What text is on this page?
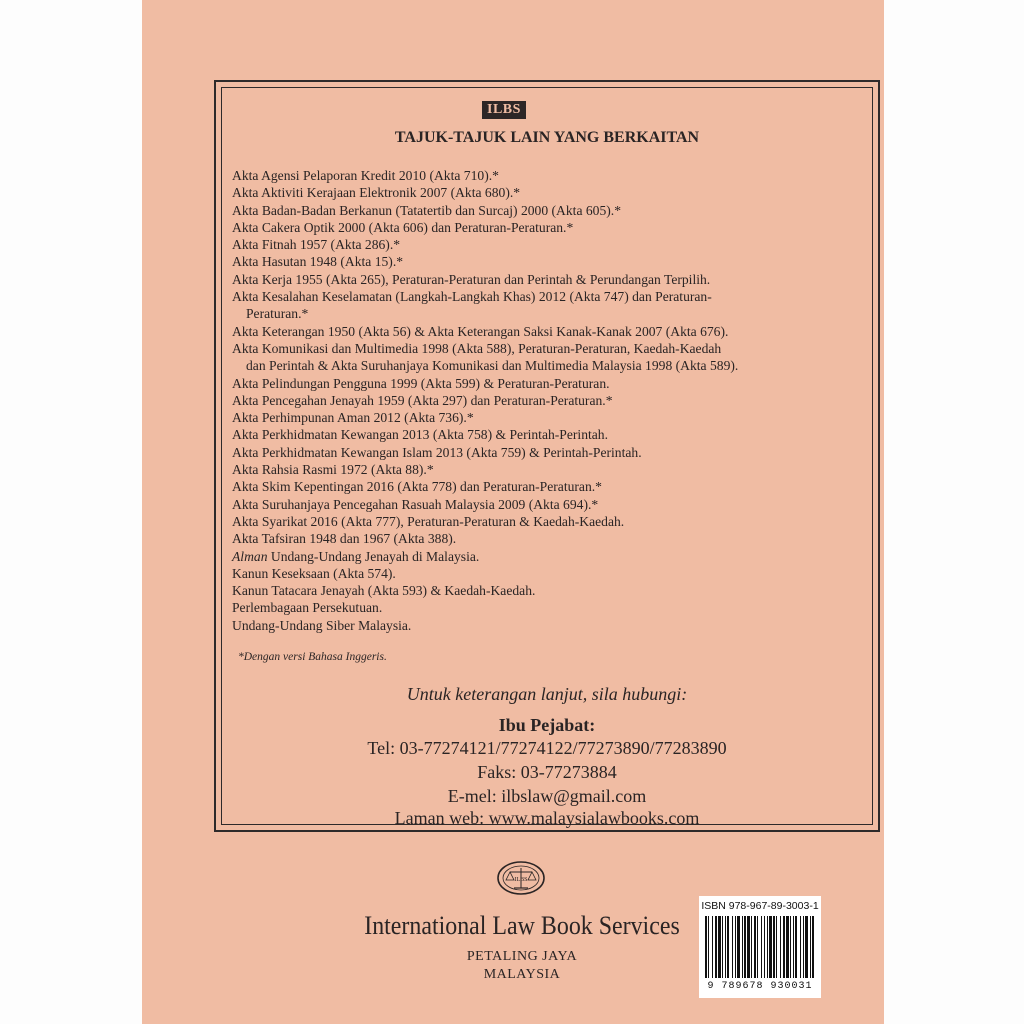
ILBS
TAJUK-TAJUK LAIN YANG BERKAITAN
Akta Agensi Pelaporan Kredit 2010 (Akta 710).*
Akta Aktiviti Kerajaan Elektronik 2007 (Akta 680).*
Akta Badan-Badan Berkanun (Tatatertib dan Surcaj) 2000 (Akta 605).*
Akta Cakera Optik 2000 (Akta 606) dan Peraturan-Peraturan.*
Akta Fitnah 1957 (Akta 286).*
Akta Hasutan 1948 (Akta 15).*
Akta Kerja 1955 (Akta 265), Peraturan-Peraturan dan Perintah & Perundangan Terpilih.
Akta Kesalahan Keselamatan (Langkah-Langkah Khas) 2012 (Akta 747) dan Peraturan-
Peraturan.*
Akta Keterangan 1950 (Akta 56) & Akta Keterangan Saksi Kanak-Kanak 2007 (Akta 676).
Akta Komunikasi dan Multimedia 1998 (Akta 588), Peraturan-Peraturan, Kaedah-Kaedah
dan Perintah & Akta Suruhanjaya Komunikasi dan Multimedia Malaysia 1998 (Akta 589).
Akta Pelindungan Pengguna 1999 (Akta 599) & Peraturan-Peraturan.
Akta Pencegahan Jenayah 1959 (Akta 297) dan Peraturan-Peraturan.*
Akta Perhimpunan Aman 2012 (Akta 736).*
Akta Perkhidmatan Kewangan 2013 (Akta 758) & Perintah-Perintah.
Akta Perkhidmatan Kewangan Islam 2013 (Akta 759) & Perintah-Perintah.
Akta Rahsia Rasmi 1972 (Akta 88).*
Akta Skim Kepentingan 2016 (Akta 778) dan Peraturan-Peraturan.*
Akta Suruhanjaya Pencegahan Rasuah Malaysia 2009 (Akta 694).*
Akta Syarikat 2016 (Akta 777), Peraturan-Peraturan & Kaedah-Kaedah.
Akta Tafsiran 1948 dan 1967 (Akta 388).
Alman Undang-Undang Jenayah di Malaysia.
Kanun Keseksaan (Akta 574).
Kanun Tatacara Jenayah (Akta 593) & Kaedah-Kaedah.
Perlembagaan Persekutuan.
Undang-Undang Siber Malaysia.
*Dengan versi Bahasa Inggeris.
Untuk keterangan lanjut, sila hubungi:
Ibu Pejabat:
Tel: 03-77274121/77274122/77273890/77283890
Faks: 03-77273884
E-mel: ilbslaw@gmail.com
Laman web: www.malaysialawbooks.com
ILBS
International Law Book Services
PETALING JAYA
MALAYSIA
ISBN 978-967-89-3003-1
9 789678 930031
